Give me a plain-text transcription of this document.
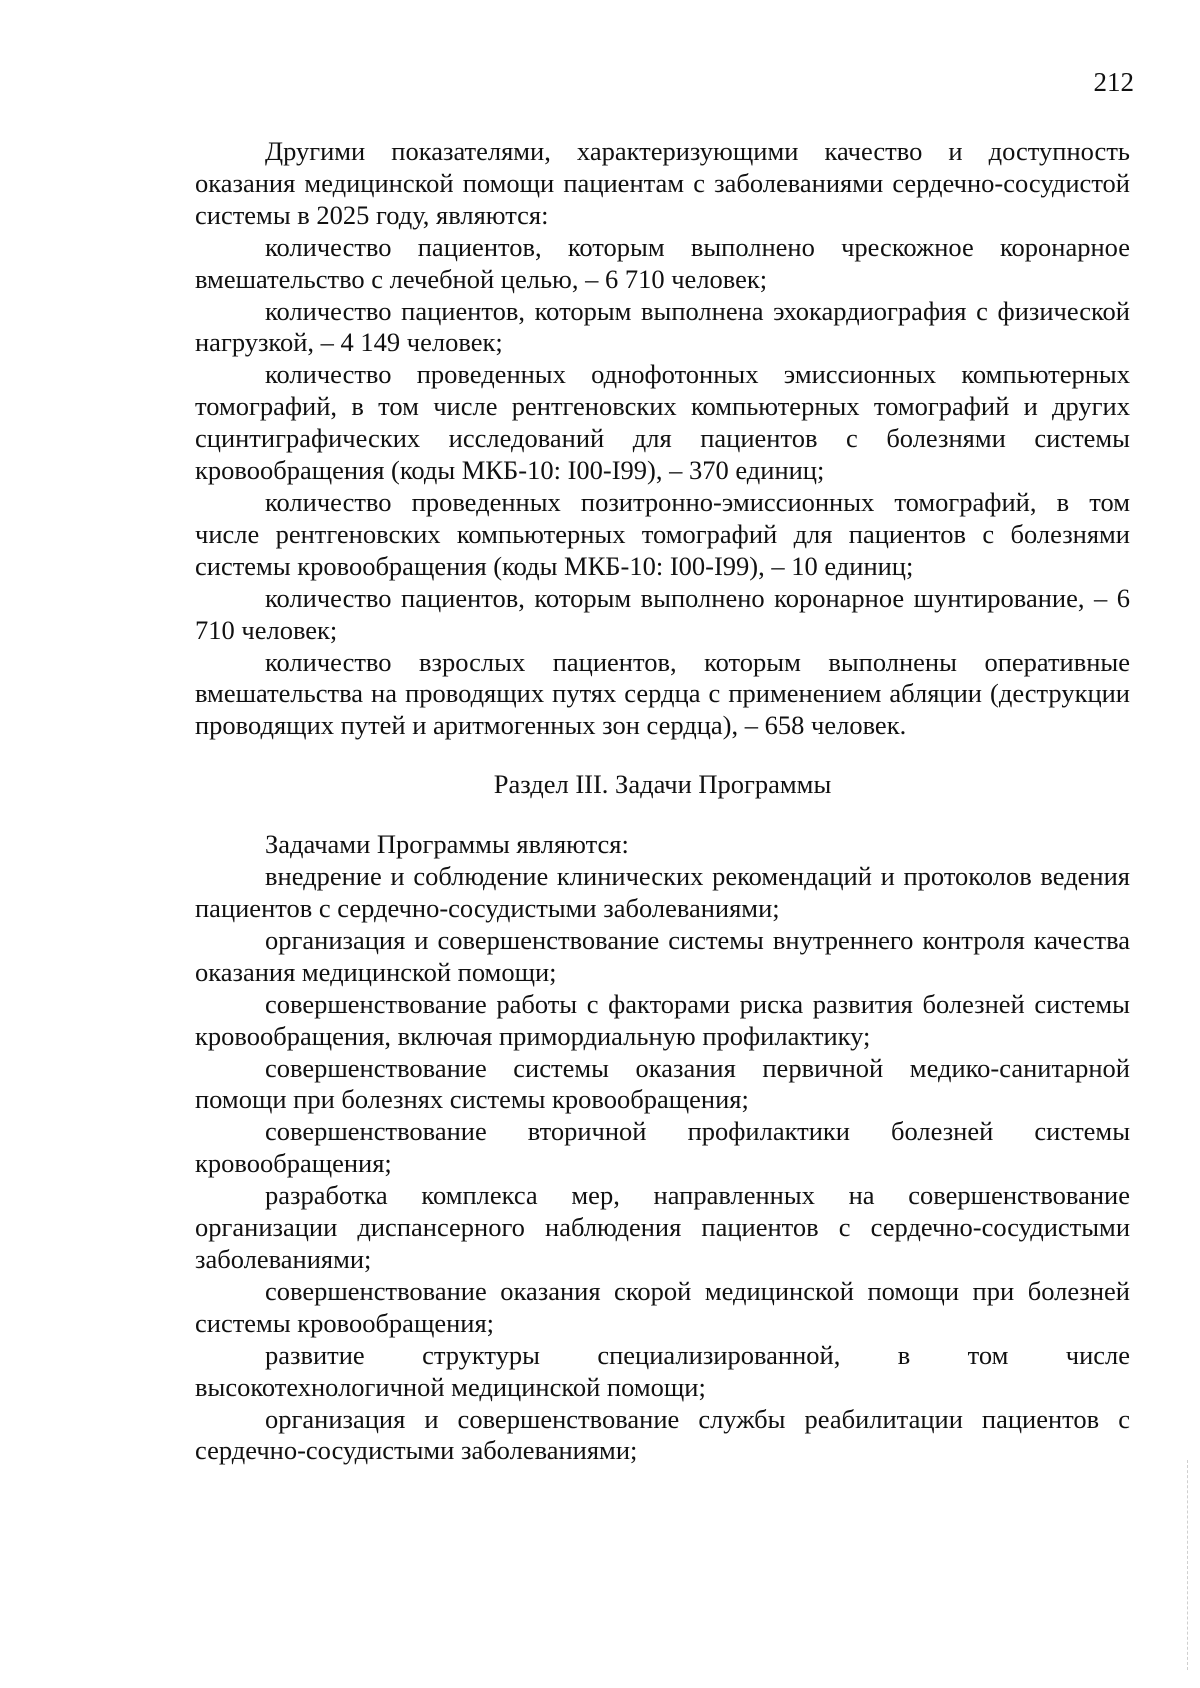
212

Другими показателями, характеризующими качество и доступность оказания медицинской помощи пациентам с заболеваниями сердечно-сосудистой системы в 2025 году, являются:

количество пациентов, которым выполнено чрескожное коронарное вмешательство с лечебной целью, – 6 710 человек;

количество пациентов, которым выполнена эхокардиография с физической нагрузкой, – 4 149 человек;

количество проведенных однофотонных эмиссионных компьютерных томографий, в том числе рентгеновских компьютерных томографий и других сцинтиграфических исследований для пациентов с болезнями системы кровообращения (коды МКБ-10: I00-I99), – 370 единиц;

количество проведенных позитронно-эмиссионных томографий, в том числе рентгеновских компьютерных томографий для пациентов с болезнями системы кровообращения (коды МКБ-10: I00-I99), – 10 единиц;

количество пациентов, которым выполнено коронарное шунтирование, – 6 710 человек;

количество взрослых пациентов, которым выполнены оперативные вмешательства на проводящих путях сердца с применением абляции (деструкции проводящих путей и аритмогенных зон сердца), – 658 человек.

Раздел III. Задачи Программы

Задачами Программы являются:

внедрение и соблюдение клинических рекомендаций и протоколов ведения пациентов с сердечно-сосудистыми заболеваниями;

организация и совершенствование системы внутреннего контроля качества оказания медицинской помощи;

совершенствование работы с факторами риска развития болезней системы кровообращения, включая примордиальную профилактику;

совершенствование системы оказания первичной медико-санитарной помощи при болезнях системы кровообращения;

совершенствование вторичной профилактики болезней системы кровообращения;

разработка комплекса мер, направленных на совершенствование организации диспансерного наблюдения пациентов с сердечно-сосудистыми заболеваниями;

совершенствование оказания скорой медицинской помощи при болезней системы кровообращения;

развитие структуры специализированной, в том числе высокотехнологичной медицинской помощи;

организация и совершенствование службы реабилитации пациентов с сердечно-сосудистыми заболеваниями;
